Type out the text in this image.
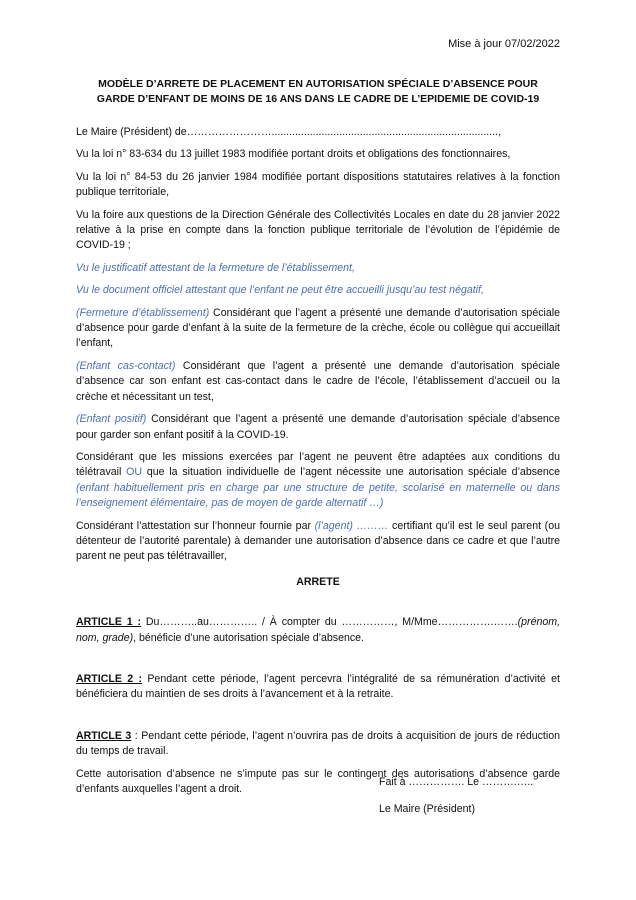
Mise à jour 07/02/2022
MODÈLE D’ARRETE DE PLACEMENT EN AUTORISATION SPÉCIALE D’ABSENCE POUR
GARDE D’ENFANT DE MOINS DE 16 ANS DANS LE CADRE DE L’EPIDEMIE DE COVID-19

Le Maire (Président) de…………………….............................................................................,

Vu la loi n° 83-634 du 13 juillet 1983 modifiée portant droits et obligations des fonctionnaires,

Vu la loi n° 84-53 du 26 janvier 1984 modifiée portant dispositions statutaires relatives à la fonction publique territoriale,

Vu la foire aux questions de la Direction Générale des Collectivités Locales en date du 28 janvier 2022 relative à la prise en compte dans la fonction publique territoriale de l’évolution de l’épidémie de COVID-19 ;

Vu le justificatif attestant de la fermeture de l’établissement,

Vu le document officiel attestant que l’enfant ne peut être accueilli jusqu’au test négatif,

(Fermeture d’établissement) Considérant que l’agent a présenté une demande d’autorisation spéciale d’absence pour garde d’enfant à la suite de la fermeture de la crèche, école ou collègue qui accueillait l’enfant,

(Enfant cas-contact) Considérant que l’agent a présenté une demande d’autorisation spéciale d’absence car son enfant est cas-contact dans le cadre de l’école, l’établissement d’accueil ou la crèche et nécessitant un test,

(Enfant positif) Considérant que l’agent a présenté une demande d’autorisation spéciale d’absence pour garder son enfant positif à la COVID-19.

Considérant que les missions exercées par l’agent ne peuvent être adaptées aux conditions du télétravail OU que la situation individuelle de l’agent nécessite une autorisation spéciale d’absence (enfant habituellement pris en charge par une structure de petite, scolarisé en maternelle ou dans l’enseignement élémentaire, pas de moyen de garde alternatif …)

Considérant l’attestation sur l’honneur fournie par (l’agent) ……… certifiant qu’il est le seul parent (ou détenteur de l’autorité parentale) à demander une autorisation d’absence dans ce cadre et que l’autre parent ne peut pas télétravailler,

ARRETE

ARTICLE 1 : Du………..au………….. / À compter du ……………, M/Mme…………….…….(prénom, nom, grade), bénéficie d’une autorisation spéciale d’absence.

ARTICLE 2 : Pendant cette période, l’agent percevra l’intégralité de sa rémunération d’activité et bénéficiera du maintien de ses droits à l’avancement et à la retraite.

ARTICLE 3 : Pendant cette période, l’agent n’ouvrira pas de droits à acquisition de jours de réduction du temps de travail.

Cette autorisation d’absence ne s’impute pas sur le contingent des autorisations d’absence garde d’enfants auxquelles l’agent a droit.

Fait à ……………. Le ……….…..
Le Maire (Président)
